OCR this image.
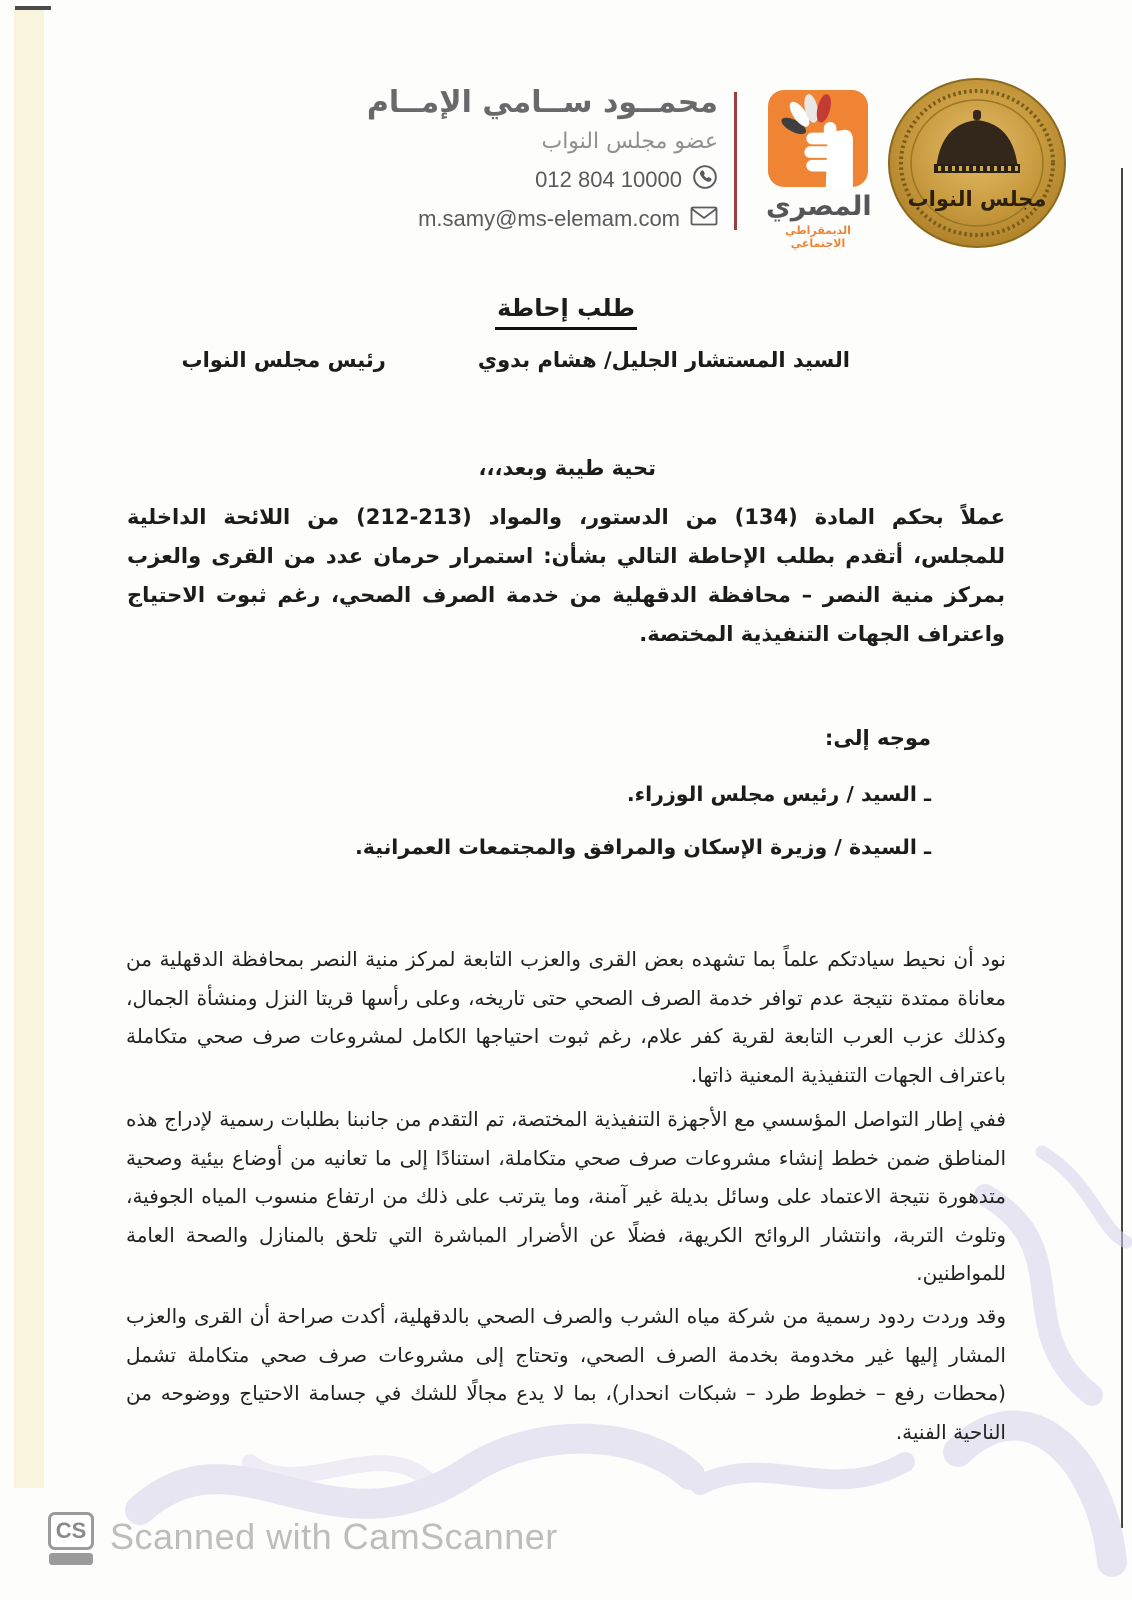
محمــود ســامي الإمــام
عضو مجلس النواب
012 804 10000
m.samy@ms-elemam.com	المصري
الديمقراطي الاجتماعي
مجلس النواب
طلب إحاطة
السيد المستشار الجليل/ هشام بدوي
رئيس مجلس النواب
تحية طيبة وبعد،،،
عملاً بحكم المادة (134) من الدستور، والمواد (213-212) من اللائحة الداخلية للمجلس، أتقدم بطلب الإحاطة التالي بشأن: استمرار حرمان عدد من القرى والعزب بمركز منية النصر – محافظة الدقهلية من خدمة الصرف الصحي، رغم ثبوت الاحتياج واعتراف الجهات التنفيذية المختصة.
موجه إلى:
ـ السيد / رئيس مجلس الوزراء.
ـ السيدة / وزيرة الإسكان والمرافق والمجتمعات العمرانية.
نود أن نحيط سيادتكم علماً بما تشهده بعض القرى والعزب التابعة لمركز منية النصر بمحافظة الدقهلية من معاناة ممتدة نتيجة عدم توافر خدمة الصرف الصحي حتى تاريخه، وعلى رأسها قريتا النزل ومنشأة الجمال، وكذلك عزب العرب التابعة لقرية كفر علام، رغم ثبوت احتياجها الكامل لمشروعات صرف صحي متكاملة باعتراف الجهات التنفيذية المعنية ذاتها.
ففي إطار التواصل المؤسسي مع الأجهزة التنفيذية المختصة، تم التقدم من جانبنا بطلبات رسمية لإدراج هذه المناطق ضمن خطط إنشاء مشروعات صرف صحي متكاملة، استنادًا إلى ما تعانيه من أوضاع بيئية وصحية متدهورة نتيجة الاعتماد على وسائل بديلة غير آمنة، وما يترتب على ذلك من ارتفاع منسوب المياه الجوفية، وتلوث التربة، وانتشار الروائح الكريهة، فضلًا عن الأضرار المباشرة التي تلحق بالمنازل والصحة العامة للمواطنين.
وقد وردت ردود رسمية من شركة مياه الشرب والصرف الصحي بالدقهلية، أكدت صراحة أن القرى والعزب المشار إليها غير مخدومة بخدمة الصرف الصحي، وتحتاج إلى مشروعات صرف صحي متكاملة تشمل (محطات رفع – خطوط طرد – شبكات انحدار)، بما لا يدع مجالًا للشك في جسامة الاحتياج ووضوحه من الناحية الفنية.
CS Scanned with CamScanner
